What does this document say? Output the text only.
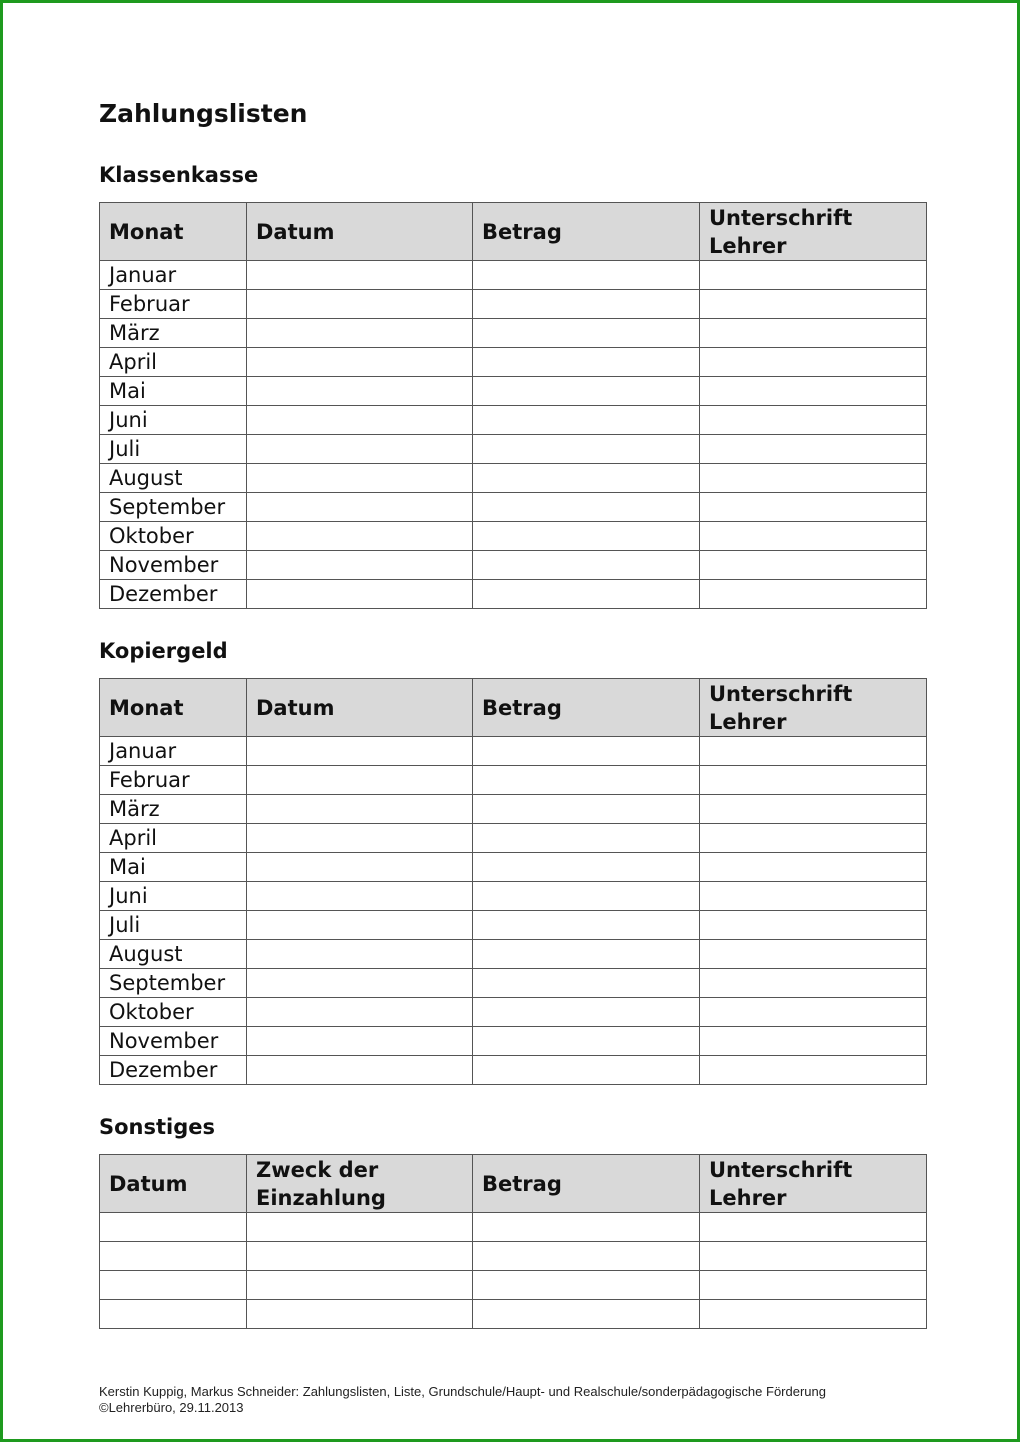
Zahlungslisten
Klassenkasse
Monat	Datum	Betrag	Unterschrift Lehrer
Januar			
Februar			
März			
April			
Mai			
Juni			
Juli			
August			
September			
Oktober			
November			
Dezember			
Kopiergeld
Monat	Datum	Betrag	Unterschrift Lehrer
Januar			
Februar			
März			
April			
Mai			
Juni			
Juli			
August			
September			
Oktober			
November			
Dezember			
Sonstiges
Datum	Zweck der Einzahlung	Betrag	Unterschrift Lehrer

Kerstin Kuppig, Markus Schneider: Zahlungslisten, Liste, Grundschule/Haupt- und Realschule/sonderpädagogische Förderung
©Lehrerbüro, 29.11.2013
